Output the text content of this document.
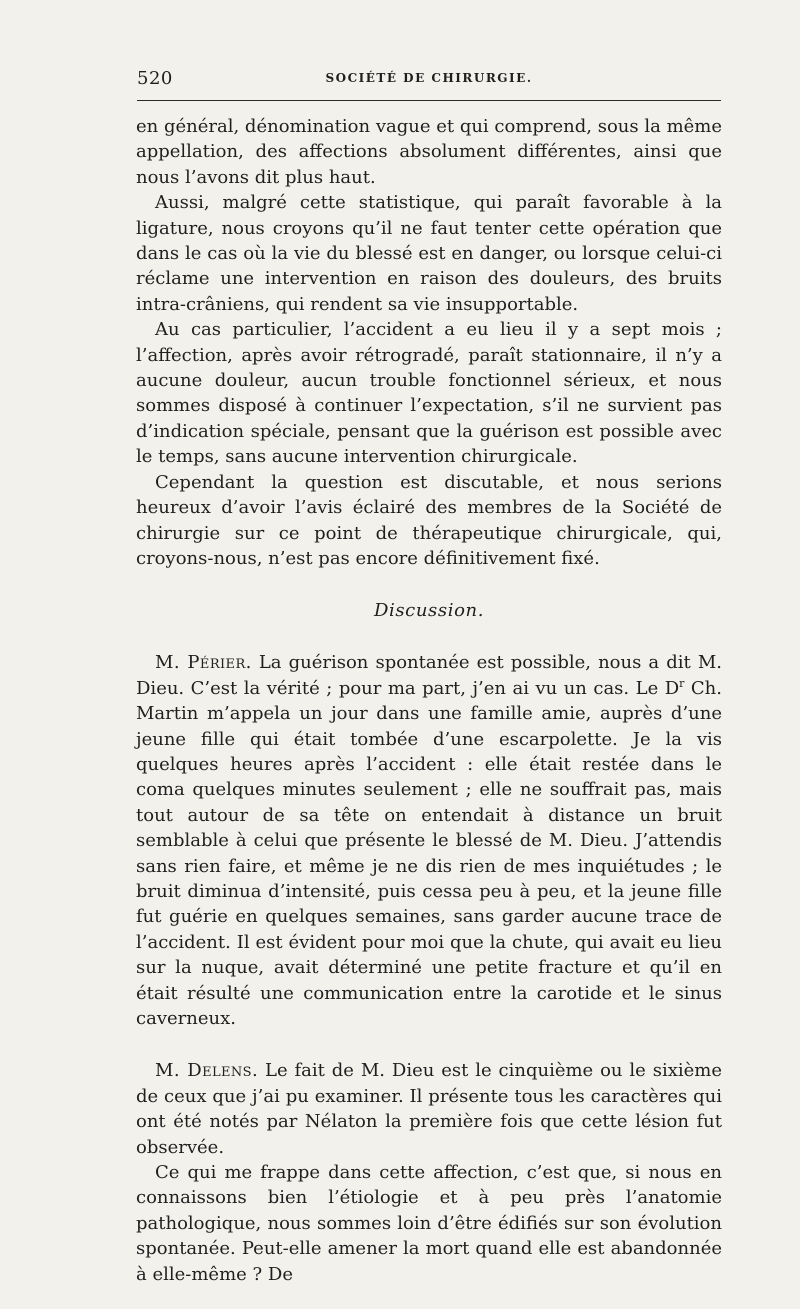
520	SOCIÉTÉ DE CHIRURGIE.

en général, dénomination vague et qui comprend, sous la même appellation, des affections absolument différentes, ainsi que nous l’avons dit plus haut.

Aussi, malgré cette statistique, qui paraît favorable à la ligature, nous croyons qu’il ne faut tenter cette opération que dans le cas où la vie du blessé est en danger, ou lorsque celui-ci réclame une intervention en raison des douleurs, des bruits intra-crâniens, qui rendent sa vie insupportable.

Au cas particulier, l’accident a eu lieu il y a sept mois ; l’affection, après avoir rétrogradé, paraît stationnaire, il n’y a aucune douleur, aucun trouble fonctionnel sérieux, et nous sommes disposé à continuer l’expectation, s’il ne survient pas d’indication spéciale, pensant que la guérison est possible avec le temps, sans aucune intervention chirurgicale.

Cependant la question est discutable, et nous serions heureux d’avoir l’avis éclairé des membres de la Société de chirurgie sur ce point de thérapeutique chirurgicale, qui, croyons-nous, n’est pas encore définitivement fixé.

Discussion.

M. Périer. La guérison spontanée est possible, nous a dit M. Dieu. C’est la vérité ; pour ma part, j’en ai vu un cas. Le $D^r$ Ch. Martin m’appela un jour dans une famille amie, auprès d’une jeune fille qui était tombée d’une escarpolette. Je la vis quelques heures après l’accident : elle était restée dans le coma quelques minutes seulement ; elle ne souffrait pas, mais tout autour de sa tête on entendait à distance un bruit semblable à celui que présente le blessé de M. Dieu. J’attendis sans rien faire, et même je ne dis rien de mes inquiétudes ; le bruit diminua d’intensité, puis cessa peu à peu, et la jeune fille fut guérie en quelques semaines, sans garder aucune trace de l’accident. Il est évident pour moi que la chute, qui avait eu lieu sur la nuque, avait déterminé une petite fracture et qu’il en était résulté une communication entre la carotide et le sinus caverneux.

M. Delens. Le fait de M. Dieu est le cinquième ou le sixième de ceux que j’ai pu examiner. Il présente tous les caractères qui ont été notés par Nélaton la première fois que cette lésion fut observée.

Ce qui me frappe dans cette affection, c’est que, si nous en connaissons bien l’étiologie et à peu près l’anatomie pathologique, nous sommes loin d’être édifiés sur son évolution spontanée. Peut-elle amener la mort quand elle est abandonnée à elle-même ? De
